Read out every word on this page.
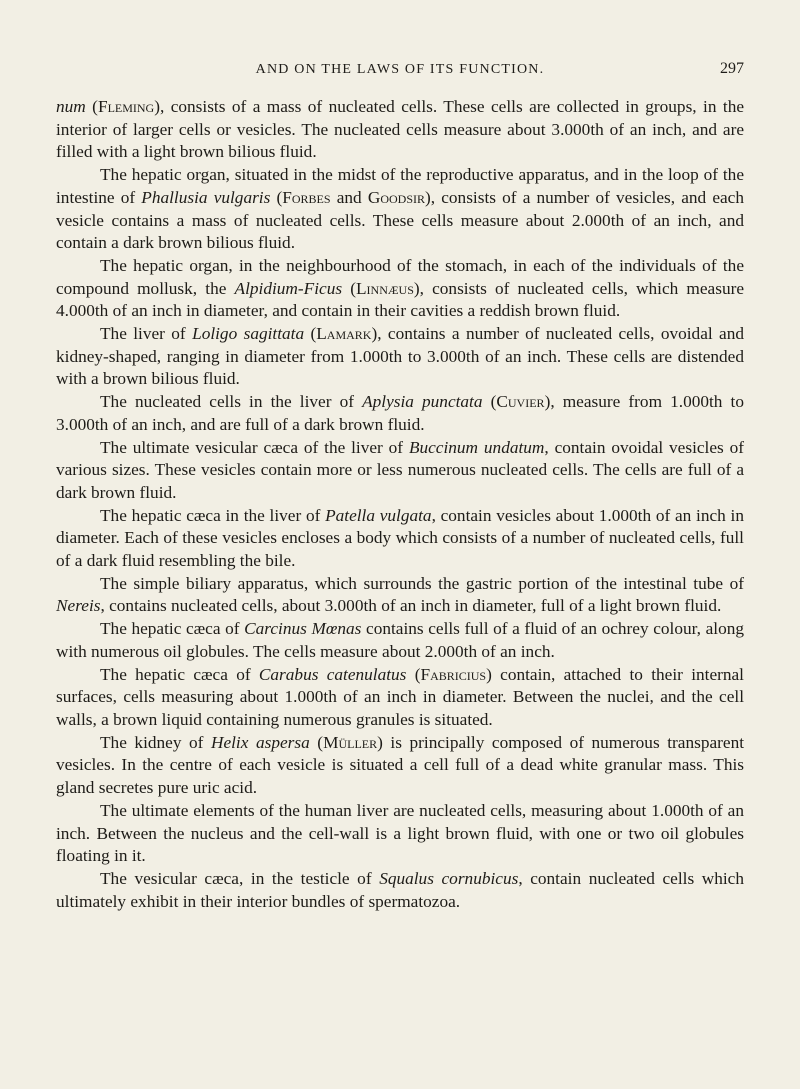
AND ON THE LAWS OF ITS FUNCTION.	297

num (Fleming), consists of a mass of nucleated cells. These cells are collected in groups, in the interior of larger cells or vesicles. The nucleated cells measure about 3.000th of an inch, and are filled with a light brown bilious fluid.

The hepatic organ, situated in the midst of the reproductive apparatus, and in the loop of the intestine of Phallusia vulgaris (Forbes and Goodsir), consists of a number of vesicles, and each vesicle contains a mass of nucleated cells. These cells measure about 2.000th of an inch, and contain a dark brown bilious fluid.

The hepatic organ, in the neighbourhood of the stomach, in each of the individuals of the compound mollusk, the Alpidium-Ficus (Linnæus), consists of nucleated cells, which measure 4.000th of an inch in diameter, and contain in their cavities a reddish brown fluid.

The liver of Loligo sagittata (Lamark), contains a number of nucleated cells, ovoidal and kidney-shaped, ranging in diameter from 1.000th to 3.000th of an inch. These cells are distended with a brown bilious fluid.

The nucleated cells in the liver of Aplysia punctata (Cuvier), measure from 1.000th to 3.000th of an inch, and are full of a dark brown fluid.

The ultimate vesicular cæca of the liver of Buccinum undatum, contain ovoidal vesicles of various sizes. These vesicles contain more or less numerous nucleated cells. The cells are full of a dark brown fluid.

The hepatic cæca in the liver of Patella vulgata, contain vesicles about 1.000th of an inch in diameter. Each of these vesicles encloses a body which consists of a number of nucleated cells, full of a dark fluid resembling the bile.

The simple biliary apparatus, which surrounds the gastric portion of the intestinal tube of Nereis, contains nucleated cells, about 3.000th of an inch in diameter, full of a light brown fluid.

The hepatic cæca of Carcinus Mœnas contains cells full of a fluid of an ochrey colour, along with numerous oil globules. The cells measure about 2.000th of an inch.

The hepatic cæca of Carabus catenulatus (Fabricius) contain, attached to their internal surfaces, cells measuring about 1.000th of an inch in diameter. Between the nuclei, and the cell walls, a brown liquid containing numerous granules is situated.

The kidney of Helix aspersa (Müller) is principally composed of numerous transparent vesicles. In the centre of each vesicle is situated a cell full of a dead white granular mass. This gland secretes pure uric acid.

The ultimate elements of the human liver are nucleated cells, measuring about 1.000th of an inch. Between the nucleus and the cell-wall is a light brown fluid, with one or two oil globules floating in it.

The vesicular cæca, in the testicle of Squalus cornubicus, contain nucleated cells which ultimately exhibit in their interior bundles of spermatozoa.
